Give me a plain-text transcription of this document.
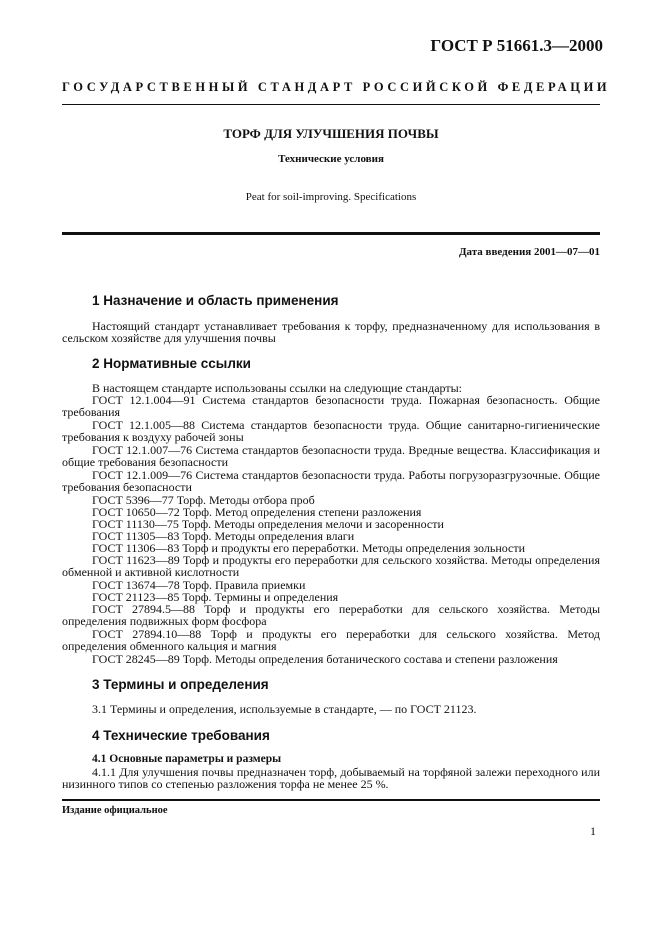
ГОСТ Р 51661.3—2000
ГОСУДАРСТВЕННЫЙ СТАНДАРТ РОССИЙСКОЙ ФЕДЕРАЦИИ
ТОРФ ДЛЯ УЛУЧШЕНИЯ ПОЧВЫ
Технические условия
Peat for soil-improving. Specifications
Дата введения 2001—07—01
1 Назначение и область применения
Настоящий стандарт устанавливает требования к торфу, предназначенному для использования в сельском хозяйстве для улучшения почвы
2 Нормативные ссылки
В настоящем стандарте использованы ссылки на следующие стандарты:
ГОСТ 12.1.004—91 Система стандартов безопасности труда. Пожарная безопасность. Общие требования
ГОСТ 12.1.005—88 Система стандартов безопасности труда. Общие санитарно-гигиенические требования к воздуху рабочей зоны
ГОСТ 12.1.007—76 Система стандартов безопасности труда. Вредные вещества. Классификация и общие требования безопасности
ГОСТ 12.1.009—76 Система стандартов безопасности труда. Работы погрузоразгрузочные. Общие требования безопасности
ГОСТ 5396—77 Торф. Методы отбора проб
ГОСТ 10650—72 Торф. Метод определения степени разложения
ГОСТ 11130—75 Торф. Методы определения мелочи и засоренности
ГОСТ 11305—83 Торф. Методы определения влаги
ГОСТ 11306—83 Торф и продукты его переработки. Методы определения зольности
ГОСТ 11623—89 Торф и продукты его переработки для сельского хозяйства. Методы определения обменной и активной кислотности
ГОСТ 13674—78 Торф. Правила приемки
ГОСТ 21123—85 Торф. Термины и определения
ГОСТ 27894.5—88 Торф и продукты его переработки для сельского хозяйства. Методы определения подвижных форм фосфора
ГОСТ 27894.10—88 Торф и продукты его переработки для сельского хозяйства. Метод определения обменного кальция и магния
ГОСТ 28245—89 Торф. Методы определения ботанического состава и степени разложения
3 Термины и определения
3.1 Термины и определения, используемые в стандарте, — по ГОСТ 21123.
4 Технические требования
4.1 Основные параметры и размеры
4.1.1 Для улучшения почвы предназначен торф, добываемый на торфяной залежи переходного или низинного типов со степенью разложения торфа не менее 25 %.
Издание официальное
1
